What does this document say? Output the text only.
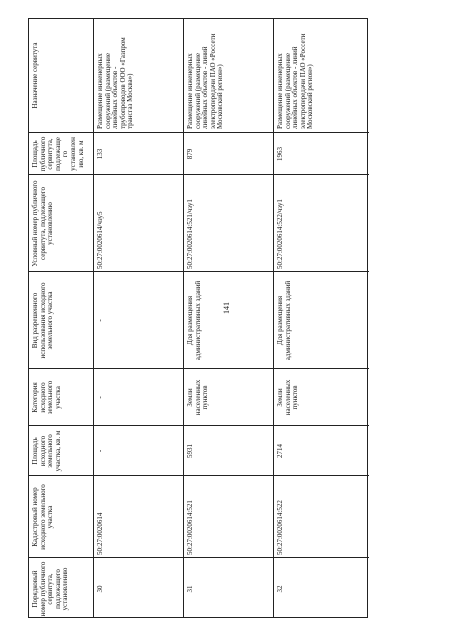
141
Порядковый номер публичного сервитута, подлежащего установлению
Кадастровый номер исходного земельного участка
Площадь исходного земельного участка, кв. м
Категория исходного земельного участка
Вид разрешенного использования исходного земельного участка
Условный номер публичного сервитута, подлежащего установлению
Площадь публичного сервитута, подлежащего установлению, кв. м
Назначение сервитута
30
50:27:0020614
-
-
-
50:27:0020614/чзу5
133
Размещение инженерных сооружений (размещение линейных объектов - трубопроводов ООО «Газпром трансгаз Москва»)
31
50:27:0020614:521
5931
Земли населенных пунктов
Для размещения административных зданий
50:27:0020614:521/чзу1
879
Размещение инженерных сооружений (размещение линейных объектов - линий электропередачи ПАО «Россети Московский регион»)
32
50:27:0020614:522
2714
Земли населенных пунктов
Для размещения административных зданий
50:27:0020614:522/чзу1
1963
Размещение инженерных сооружений (размещение линейных объектов - линий электропередачи ПАО «Россети Московский регион»)
